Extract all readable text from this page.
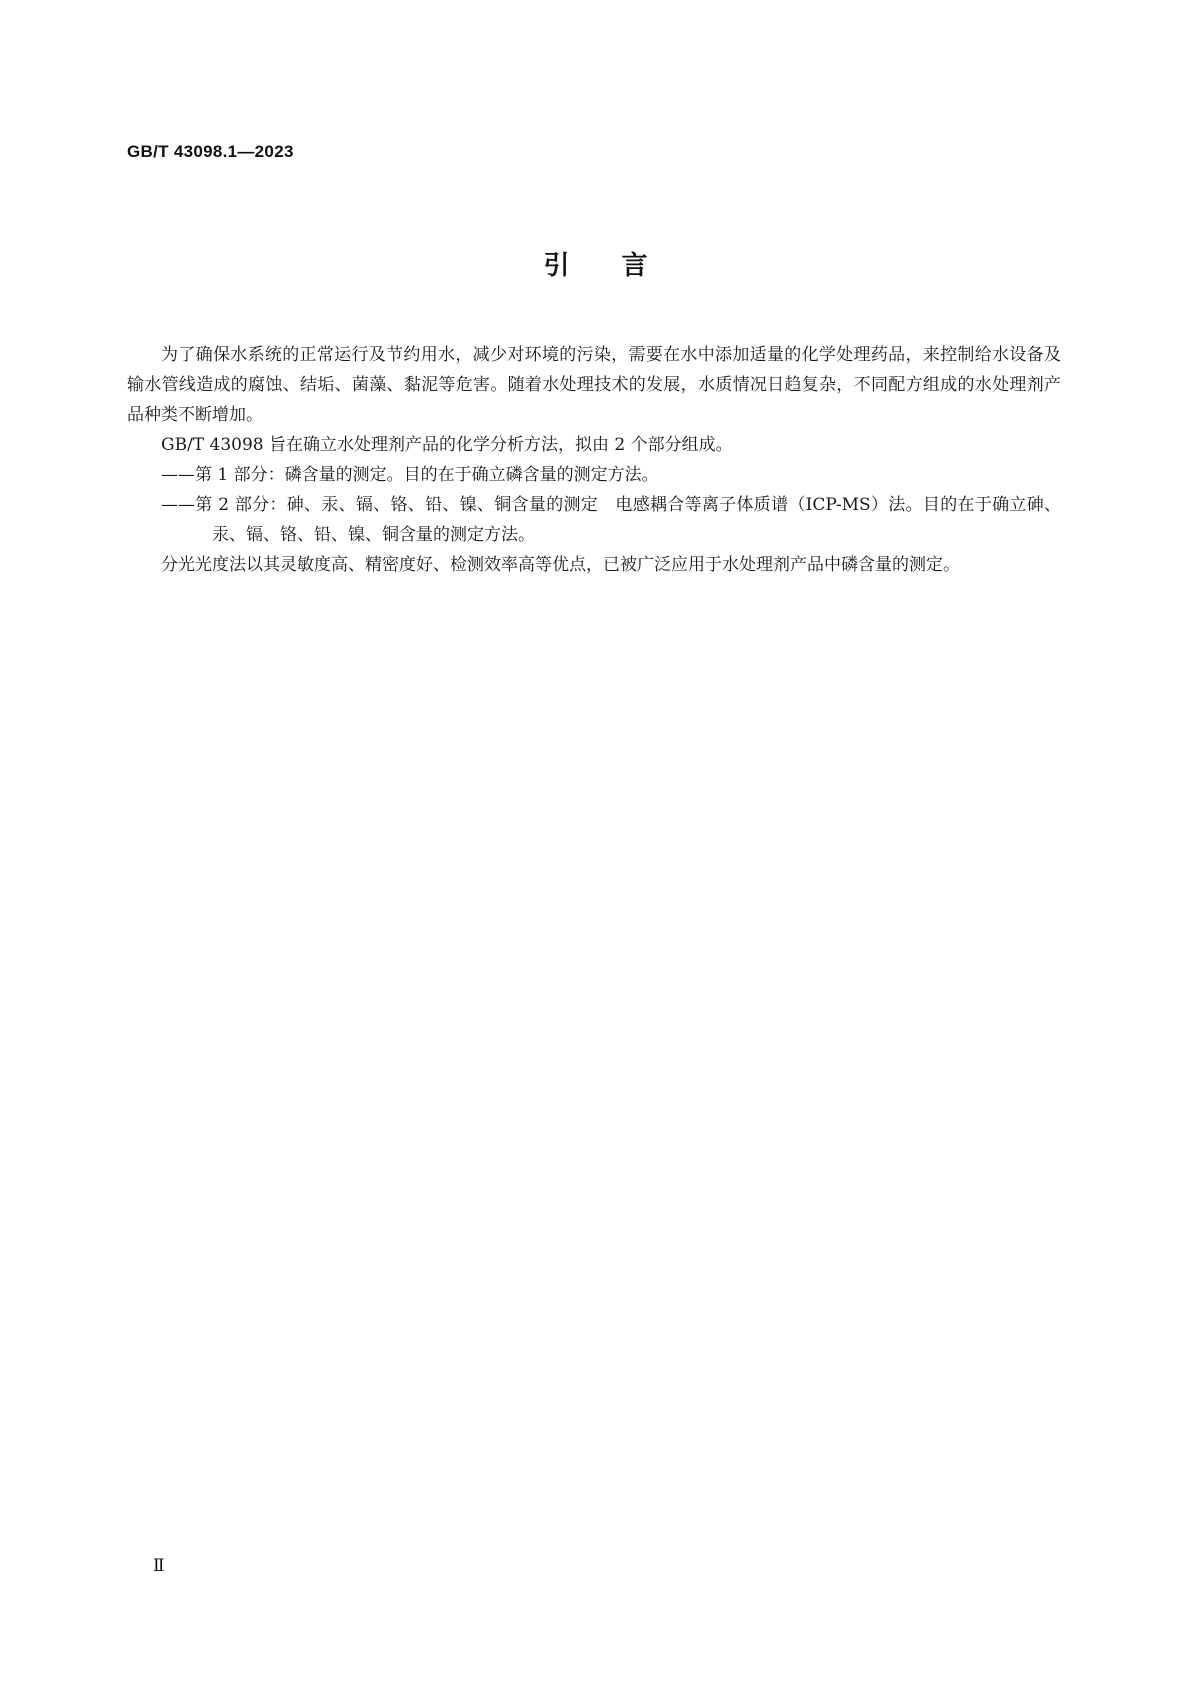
GB/T 43098.1—2023
引言

为了确保水系统的正常运行及节约用水，减少对环境的污染，需要在水中添加适量的化学处理药品，来控制给水设备及输水管线造成的腐蚀、结垢、菌藻、黏泥等危害。随着水处理技术的发展，水质情况日趋复杂，不同配方组成的水处理剂产品种类不断增加。

GB/T 43098 旨在确立水处理剂产品的化学分析方法，拟由 2 个部分组成。

——第 1 部分：磷含量的测定。目的在于确立磷含量的测定方法。

——第 2 部分：砷、汞、镉、铬、铅、镍、铜含量的测定　电感耦合等离子体质谱（ICP-MS）法。目的在于确立砷、汞、镉、铬、铅、镍、铜含量的测定方法。

分光光度法以其灵敏度高、精密度好、检测效率高等优点，已被广泛应用于水处理剂产品中磷含量的测定。

Ⅱ
